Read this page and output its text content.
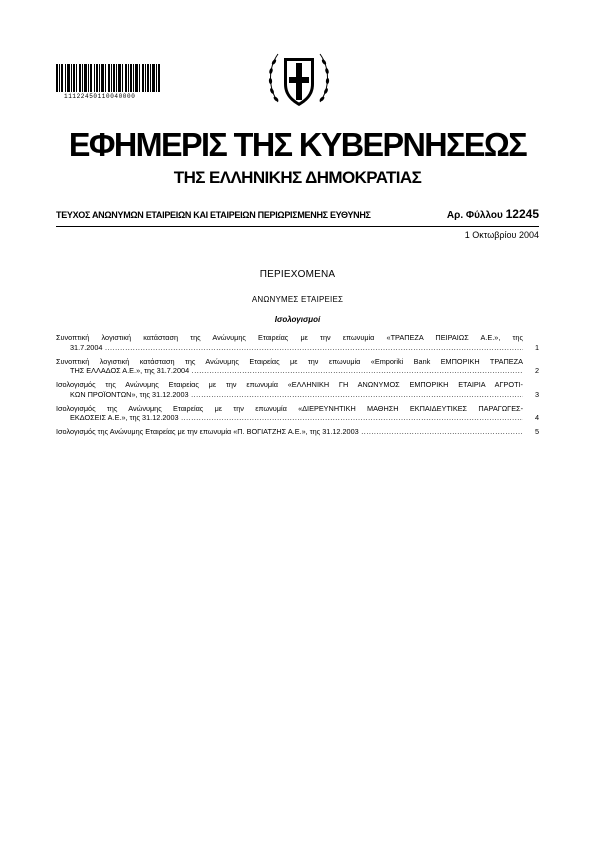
11122450110040000
ΕΦΗΜΕΡΙΣ ΤΗΣ ΚΥΒΕΡΝΗΣΕΩΣ
ΤΗΣ ΕΛΛΗΝΙΚΗΣ ΔΗΜΟΚΡΑΤΙΑΣ
ΤΕΥΧΟΣ ΑΝΩΝΥΜΩΝ ΕΤΑΙΡΕΙΩΝ ΚΑΙ ΕΤΑΙΡΕΙΩΝ ΠΕΡΙΩΡΙΣΜΕΝΗΣ ΕΥΘΥΝΗΣ	Αρ. Φύλλου 12245
1 Οκτωβρίου 2004
ΠΕΡΙΕΧΟΜΕΝΑ
ΑΝΩΝΥΜΕΣ ΕΤΑΙΡΕΙΕΣ
Ισολογισμοί
Συνοπτική λογιστική κατάσταση της Ανώνυμης Εταιρείας με την επωνυμία «ΤΡΑΠΕΖΑ ΠΕΙΡΑΙΩΣ Α.Ε.», της
31.7.2004 .....	1
Συνοπτική λογιστική κατάσταση της Ανώνυμης Εταιρείας με την επωνυμία «Emporiki Bank ΕΜΠΟΡΙΚΗ ΤΡΑΠΕΖΑ
ΤΗΣ ΕΛΛΑΔΟΣ Α.Ε.», της 31.7.2004 .....	2
Ισολογισμός της Ανώνυμης Εταιρείας με την επωνυμία «ΕΛΛΗΝΙΚΗ ΓΗ ΑΝΩΝΥΜΟΣ ΕΜΠΟΡΙΚΗ ΕΤΑΙΡΙΑ ΑΓΡΟΤΙ-
ΚΩΝ ΠΡΟΪΟΝΤΩΝ», της 31.12.2003 .....	3
Ισολογισμός της Ανώνυμης Εταιρείας με την επωνυμία «ΔΙΕΡΕΥΝΗΤΙΚΗ ΜΑΘΗΣΗ ΕΚΠΑΙΔΕΥΤΙΚΕΣ ΠΑΡΑΓΩΓΕΣ-
ΕΚΔΟΣΕΙΣ Α.Ε.», της 31.12.2003 .....	4
Ισολογισμός της Ανώνυμης Εταιρείας με την επωνυμία «Π. ΒΟΓΙΑΤΖΗΣ Α.Ε.», της 31.12.2003 .....	5
